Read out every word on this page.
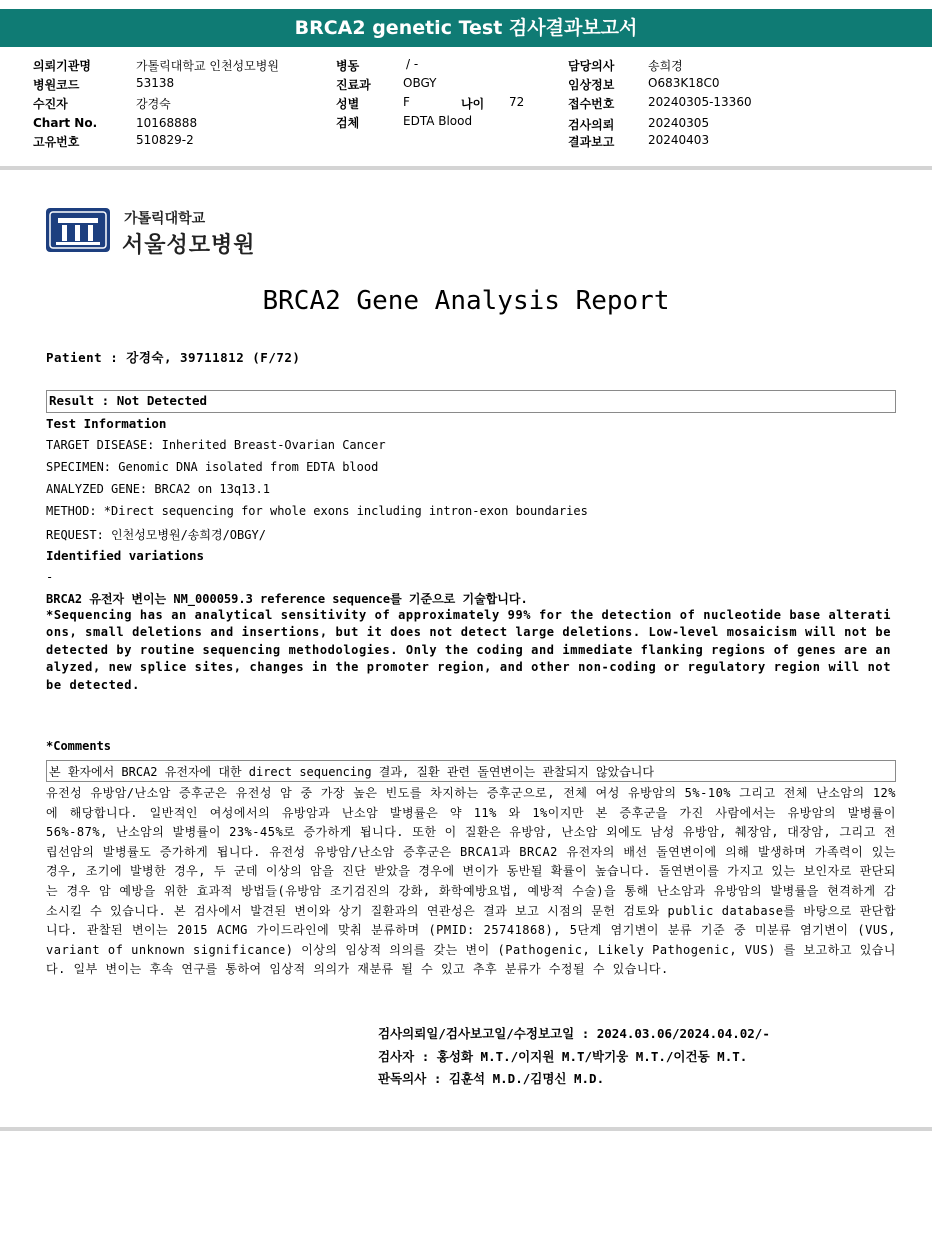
BRCA2 genetic Test 검사결과보고서
의뢰기관명	가톨릭대학교 인천성모병원
병원코드	53138
수진자	강경숙
Chart No.	10168888
고유번호	510829-2
병동	/ -
진료과	OBGY
성별	F	나이 72
검체	EDTA Blood
담당의사	송희경
임상정보	O683K18C0
접수번호	20240305-13360
검사의뢰	20240305
결과보고	20240403
가톨릭대학교
서울성모병원
BRCA2 Gene Analysis Report
Patient : 강경숙, 39711812 (F/72)
Result : Not Detected
Test Information
TARGET DISEASE: Inherited Breast-Ovarian Cancer
SPECIMEN: Genomic DNA isolated from EDTA blood
ANALYZED GENE: BRCA2 on 13q13.1
METHOD: *Direct sequencing for whole exons including intron-exon boundaries
REQUEST: 인천성모병원/송희경/OBGY/
Identified variations
-
BRCA2 유전자 변이는 NM_000059.3 reference sequence를 기준으로 기술합니다.
*Sequencing has an analytical sensitivity of approximately 99% for the detection of nucleotide base alterations, small deletions and insertions, but it does not detect large deletions. Low-level mosaicism will not be detected by routine sequencing methodologies. Only the coding and immediate flanking regions of genes are analyzed, new splice sites, changes in the promoter region, and other non-coding or regulatory region will not be detected.
*Comments
본 환자에서 BRCA2 유전자에 대한 direct sequencing 결과, 질환 관련 돌연변이는 관찰되지 않았습니다
유전성 유방암/난소암 증후군은 유전성 암 중 가장 높은 빈도를 차지하는 증후군으로, 전체 여성 유방암의 5%-10% 그리고 전체 난소암의 12%에 해당합니다. 일반적인 여성에서의 유방암과 난소암 발병률은 약 11% 와 1%이지만 본 증후군을 가진 사람에서는 유방암의 발병률이 56%-87%, 난소암의 발병률이 23%-45%로 증가하게 됩니다. 또한 이 질환은 유방암, 난소암 외에도 남성 유방암, 췌장암, 대장암, 그리고 전립선암의 발병률도 증가하게 됩니다. 유전성 유방암/난소암 증후군은 BRCA1과 BRCA2 유전자의 배선 돌연변이에 의해 발생하며 가족력이 있는 경우, 조기에 발병한 경우, 두 군데 이상의 암을 진단 받았을 경우에 변이가 동반될 확률이 높습니다. 돌연변이를 가지고 있는 보인자로 판단되는 경우 암 예방을 위한 효과적 방법들(유방암 조기검진의 강화, 화학예방요법, 예방적 수술)을 통해 난소암과 유방암의 발병률을 현격하게 감소시킬 수 있습니다. 본 검사에서 발견된 변이와 상기 질환과의 연관성은 결과 보고 시점의 문헌 검토와 public database를 바탕으로 판단합니다. 관찰된 변이는 2015 ACMG 가이드라인에 맞춰 분류하며 (PMID: 25741868), 5단계 염기변이 분류 기준 중 미분류 염기변이 (VUS, variant of unknown significance) 이상의 임상적 의의를 갖는 변이 (Pathogenic, Likely Pathogenic, VUS) 를 보고하고 있습니다. 일부 변이는 후속 연구를 통하여 임상적 의의가 재분류 될 수 있고 추후 분류가 수정될 수 있습니다.
검사의뢰일/검사보고일/수정보고일 : 2024.03.06/2024.04.02/-
검사자 : 홍성화 M.T./이지원 M.T/박기웅 M.T./이건동 M.T.
판독의사 : 김훈석 M.D./김명신 M.D.
